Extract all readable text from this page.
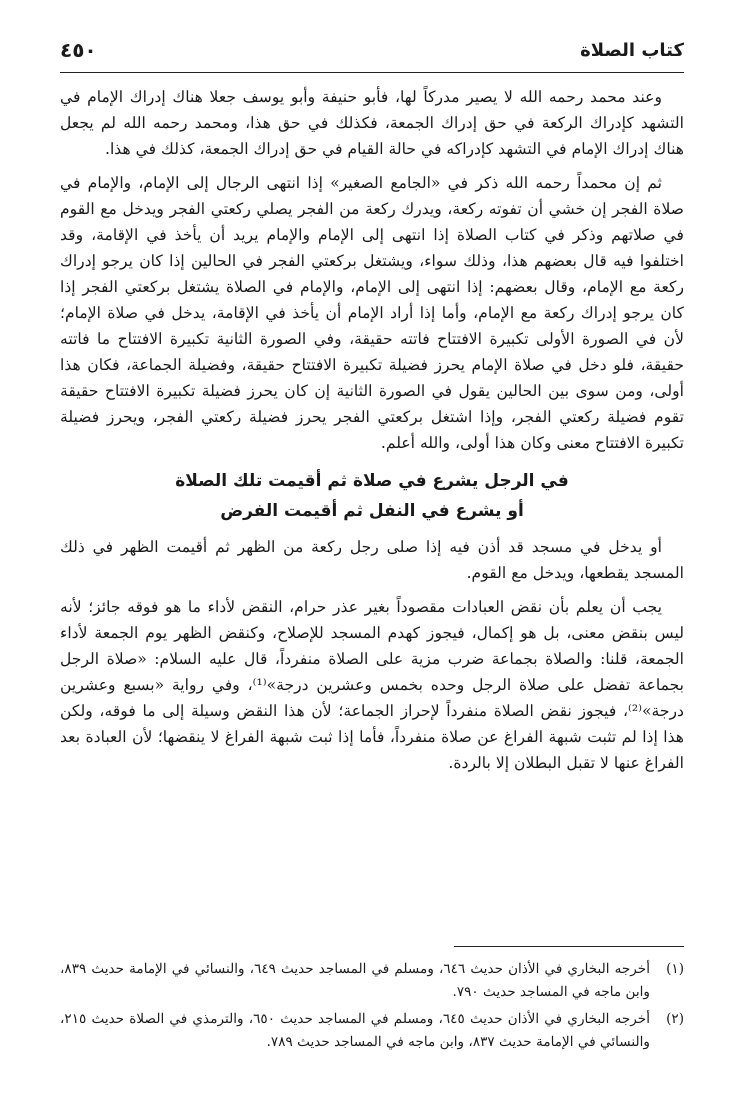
كتاب الصلاة
٤٥٠

وعند محمد رحمه الله لا يصير مدركاً لها، فأبو حنيفة وأبو يوسف جعلا هناك إدراك الإمام في التشهد كإدراك الركعة في حق إدراك الجمعة، فكذلك في حق هذا، ومحمد رحمه الله لم يجعل هناك إدراك الإمام في التشهد كإدراكه في حالة القيام في حق إدراك الجمعة، كذلك في هذا.

ثم إن محمداً رحمه الله ذكر في «الجامع الصغير» إذا انتهى الرجال إلى الإمام، والإمام في صلاة الفجر إن خشي أن تفوته ركعة، ويدرك ركعة من الفجر يصلي ركعتي الفجر ويدخل مع القوم في صلاتهم وذكر في كتاب الصلاة إذا انتهى إلى الإمام والإمام يريد أن يأخذ في الإقامة، وقد اختلفوا فيه قال بعضهم هذا، وذلك سواء، ويشتغل بركعتي الفجر في الحالين إذا كان يرجو إدراك ركعة مع الإمام، وقال بعضهم: إذا انتهى إلى الإمام، والإمام في الصلاة يشتغل بركعتي الفجر إذا كان يرجو إدراك ركعة مع الإمام، وأما إذا أراد الإمام أن يأخذ في الإقامة، يدخل في صلاة الإمام؛ لأن في الصورة الأولى تكبيرة الافتتاح فاتته حقيقة، وفي الصورة الثانية تكبيرة الافتتاح ما فاتته حقيقة، فلو دخل في صلاة الإمام يحرز فضيلة تكبيرة الافتتاح حقيقة، وفضيلة الجماعة، فكان هذا أولى، ومن سوى بين الحالين يقول في الصورة الثانية إن كان يحرز فضيلة تكبيرة الافتتاح حقيقة تقوم فضيلة ركعتي الفجر، وإذا اشتغل بركعتي الفجر يحرز فضيلة ركعتي الفجر، ويحرز فضيلة تكبيرة الافتتاح معنى وكان هذا أولى، والله أعلم.

في الرجل يشرع في صلاة ثم أقيمت تلك الصلاة
أو يشرع في النفل ثم أقيمت الفرض

أو يدخل في مسجد قد أذن فيه إذا صلى رجل ركعة من الظهر ثم أقيمت الظهر في ذلك المسجد يقطعها، ويدخل مع القوم.

يجب أن يعلم بأن نقض العبادات مقصوداً بغير عذر حرام، النقض لأداء ما هو فوقه جائز؛ لأنه ليس بنقض معنى، بل هو إكمال، فيجوز كهدم المسجد للإصلاح، وكنقض الظهر يوم الجمعة لأداء الجمعة، قلنا: والصلاة بجماعة ضرب مزية على الصلاة منفرداً، قال عليه السلام: «صلاة الرجل بجماعة تفضل على صلاة الرجل وحده بخمس وعشرين درجة»⁽¹⁾، وفي رواية «بسبع وعشرين درجة»⁽²⁾، فيجوز نقض الصلاة منفرداً لإحراز الجماعة؛ لأن هذا النقض وسيلة إلى ما فوقه، ولكن هذا إذا لم تثبت شبهة الفراغ عن صلاة منفرداً، فأما إذا ثبت شبهة الفراغ لا ينقضها؛ لأن العبادة بعد الفراغ عنها لا تقبل البطلان إلا بالردة.

(١)
أخرجه البخاري في الأذان حديث ٦٤٦، ومسلم في المساجد حديث ٦٤٩، والنسائي في الإمامة حديث ٨٣٩، وابن ماجه في المساجد حديث ٧٩٠.
(٢)
أخرجه البخاري في الأذان حديث ٦٤٥، ومسلم في المساجد حديث ٦٥٠، والترمذي في الصلاة حديث ٢١٥، والنسائي في الإمامة حديث ٨٣٧، وابن ماجه في المساجد حديث ٧٨٩.
